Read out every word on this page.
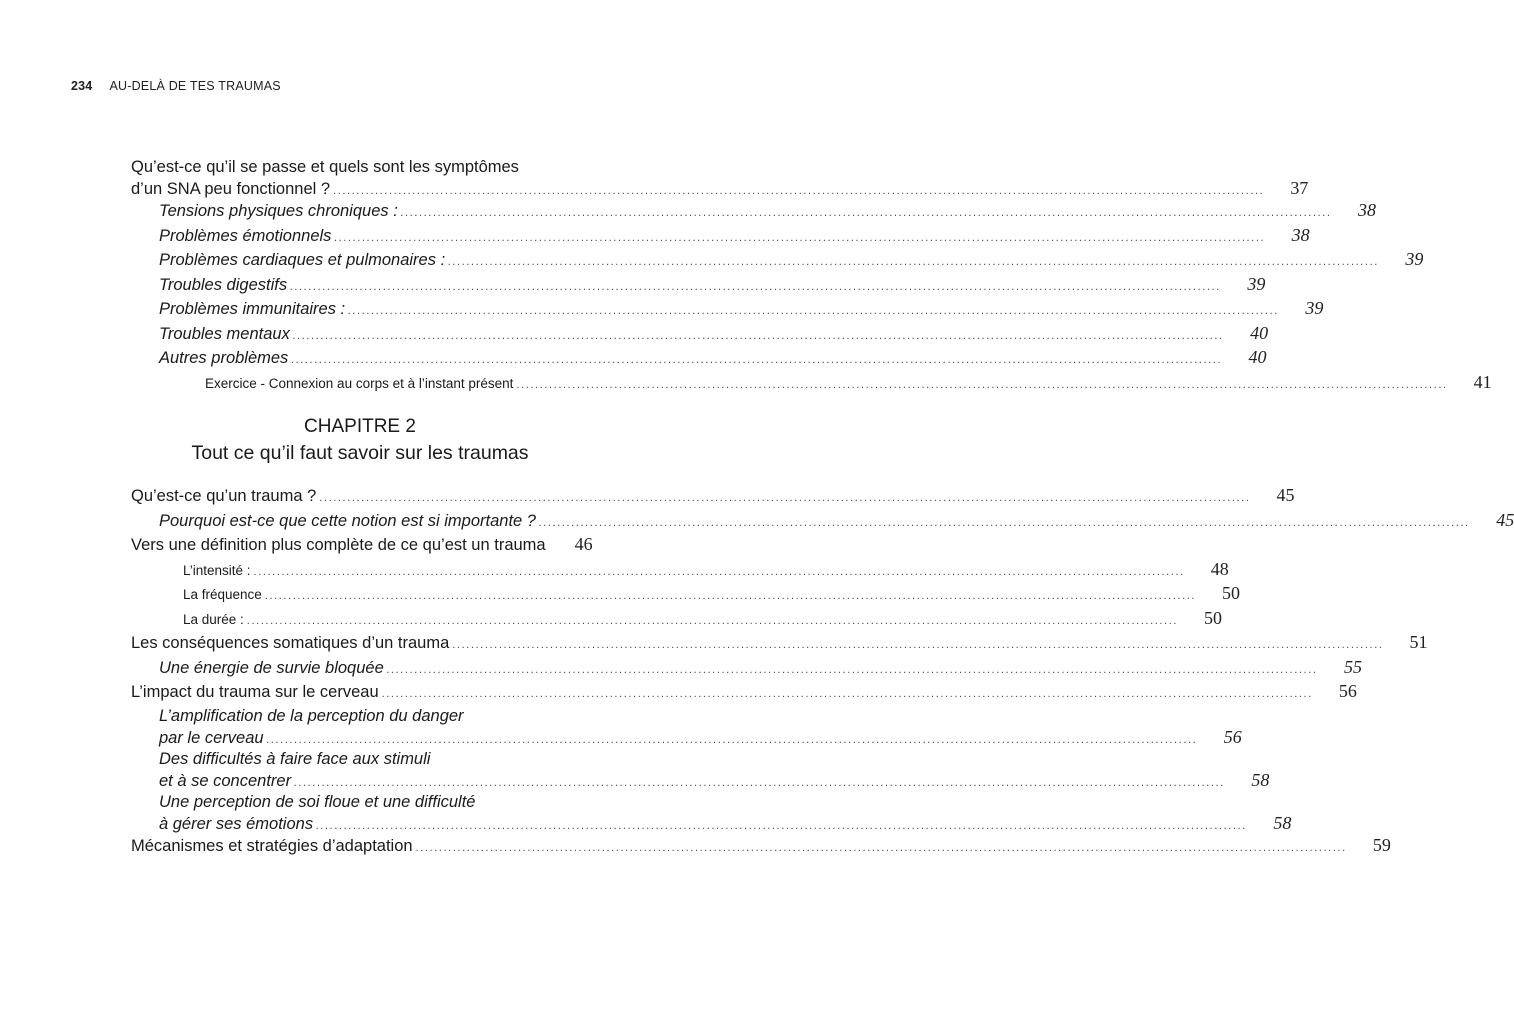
234 AU-DELÀ DE TES TRAUMAS
Qu’est-ce qu’il se passe et quels sont les symptômes
d’un SNA peu fonctionnel ? ........................................................................................................................................................................................................	37
Tensions physiques chroniques : ........................................................................................................................................................................................................	38
Problèmes émotionnels ........................................................................................................................................................................................................	38
Problèmes cardiaques et pulmonaires : ........................................................................................................................................................................................................	39
Troubles digestifs ........................................................................................................................................................................................................	39
Problèmes immunitaires : ........................................................................................................................................................................................................	39
Troubles mentaux ........................................................................................................................................................................................................	40
Autres problèmes ........................................................................................................................................................................................................	40
Exercice - Connexion au corps et à l’instant présent ........................................................................................................................................................................................................	41
CHAPITRE 2
Tout ce qu’il faut savoir sur les traumas
Qu’est-ce qu’un trauma ? ........................................................................................................................................................................................................	45
Pourquoi est-ce que cette notion est si importante ? ........................................................................................................................................................................................................	45
Vers une définition plus complète de ce qu’est un trauma	46
L’intensité : ........................................................................................................................................................................................................	48
La fréquence ........................................................................................................................................................................................................	50
La durée : ........................................................................................................................................................................................................	50
Les conséquences somatiques d’un trauma ........................................................................................................................................................................................................	51
Une énergie de survie bloquée ........................................................................................................................................................................................................	55
L’impact du trauma sur le cerveau ........................................................................................................................................................................................................	56
L’amplification de la perception du danger
par le cerveau ........................................................................................................................................................................................................	56
Des difficultés à faire face aux stimuli
et à se concentrer ........................................................................................................................................................................................................	58
Une perception de soi floue et une difficulté
à gérer ses émotions ........................................................................................................................................................................................................	58
Mécanismes et stratégies d’adaptation ........................................................................................................................................................................................................	59
